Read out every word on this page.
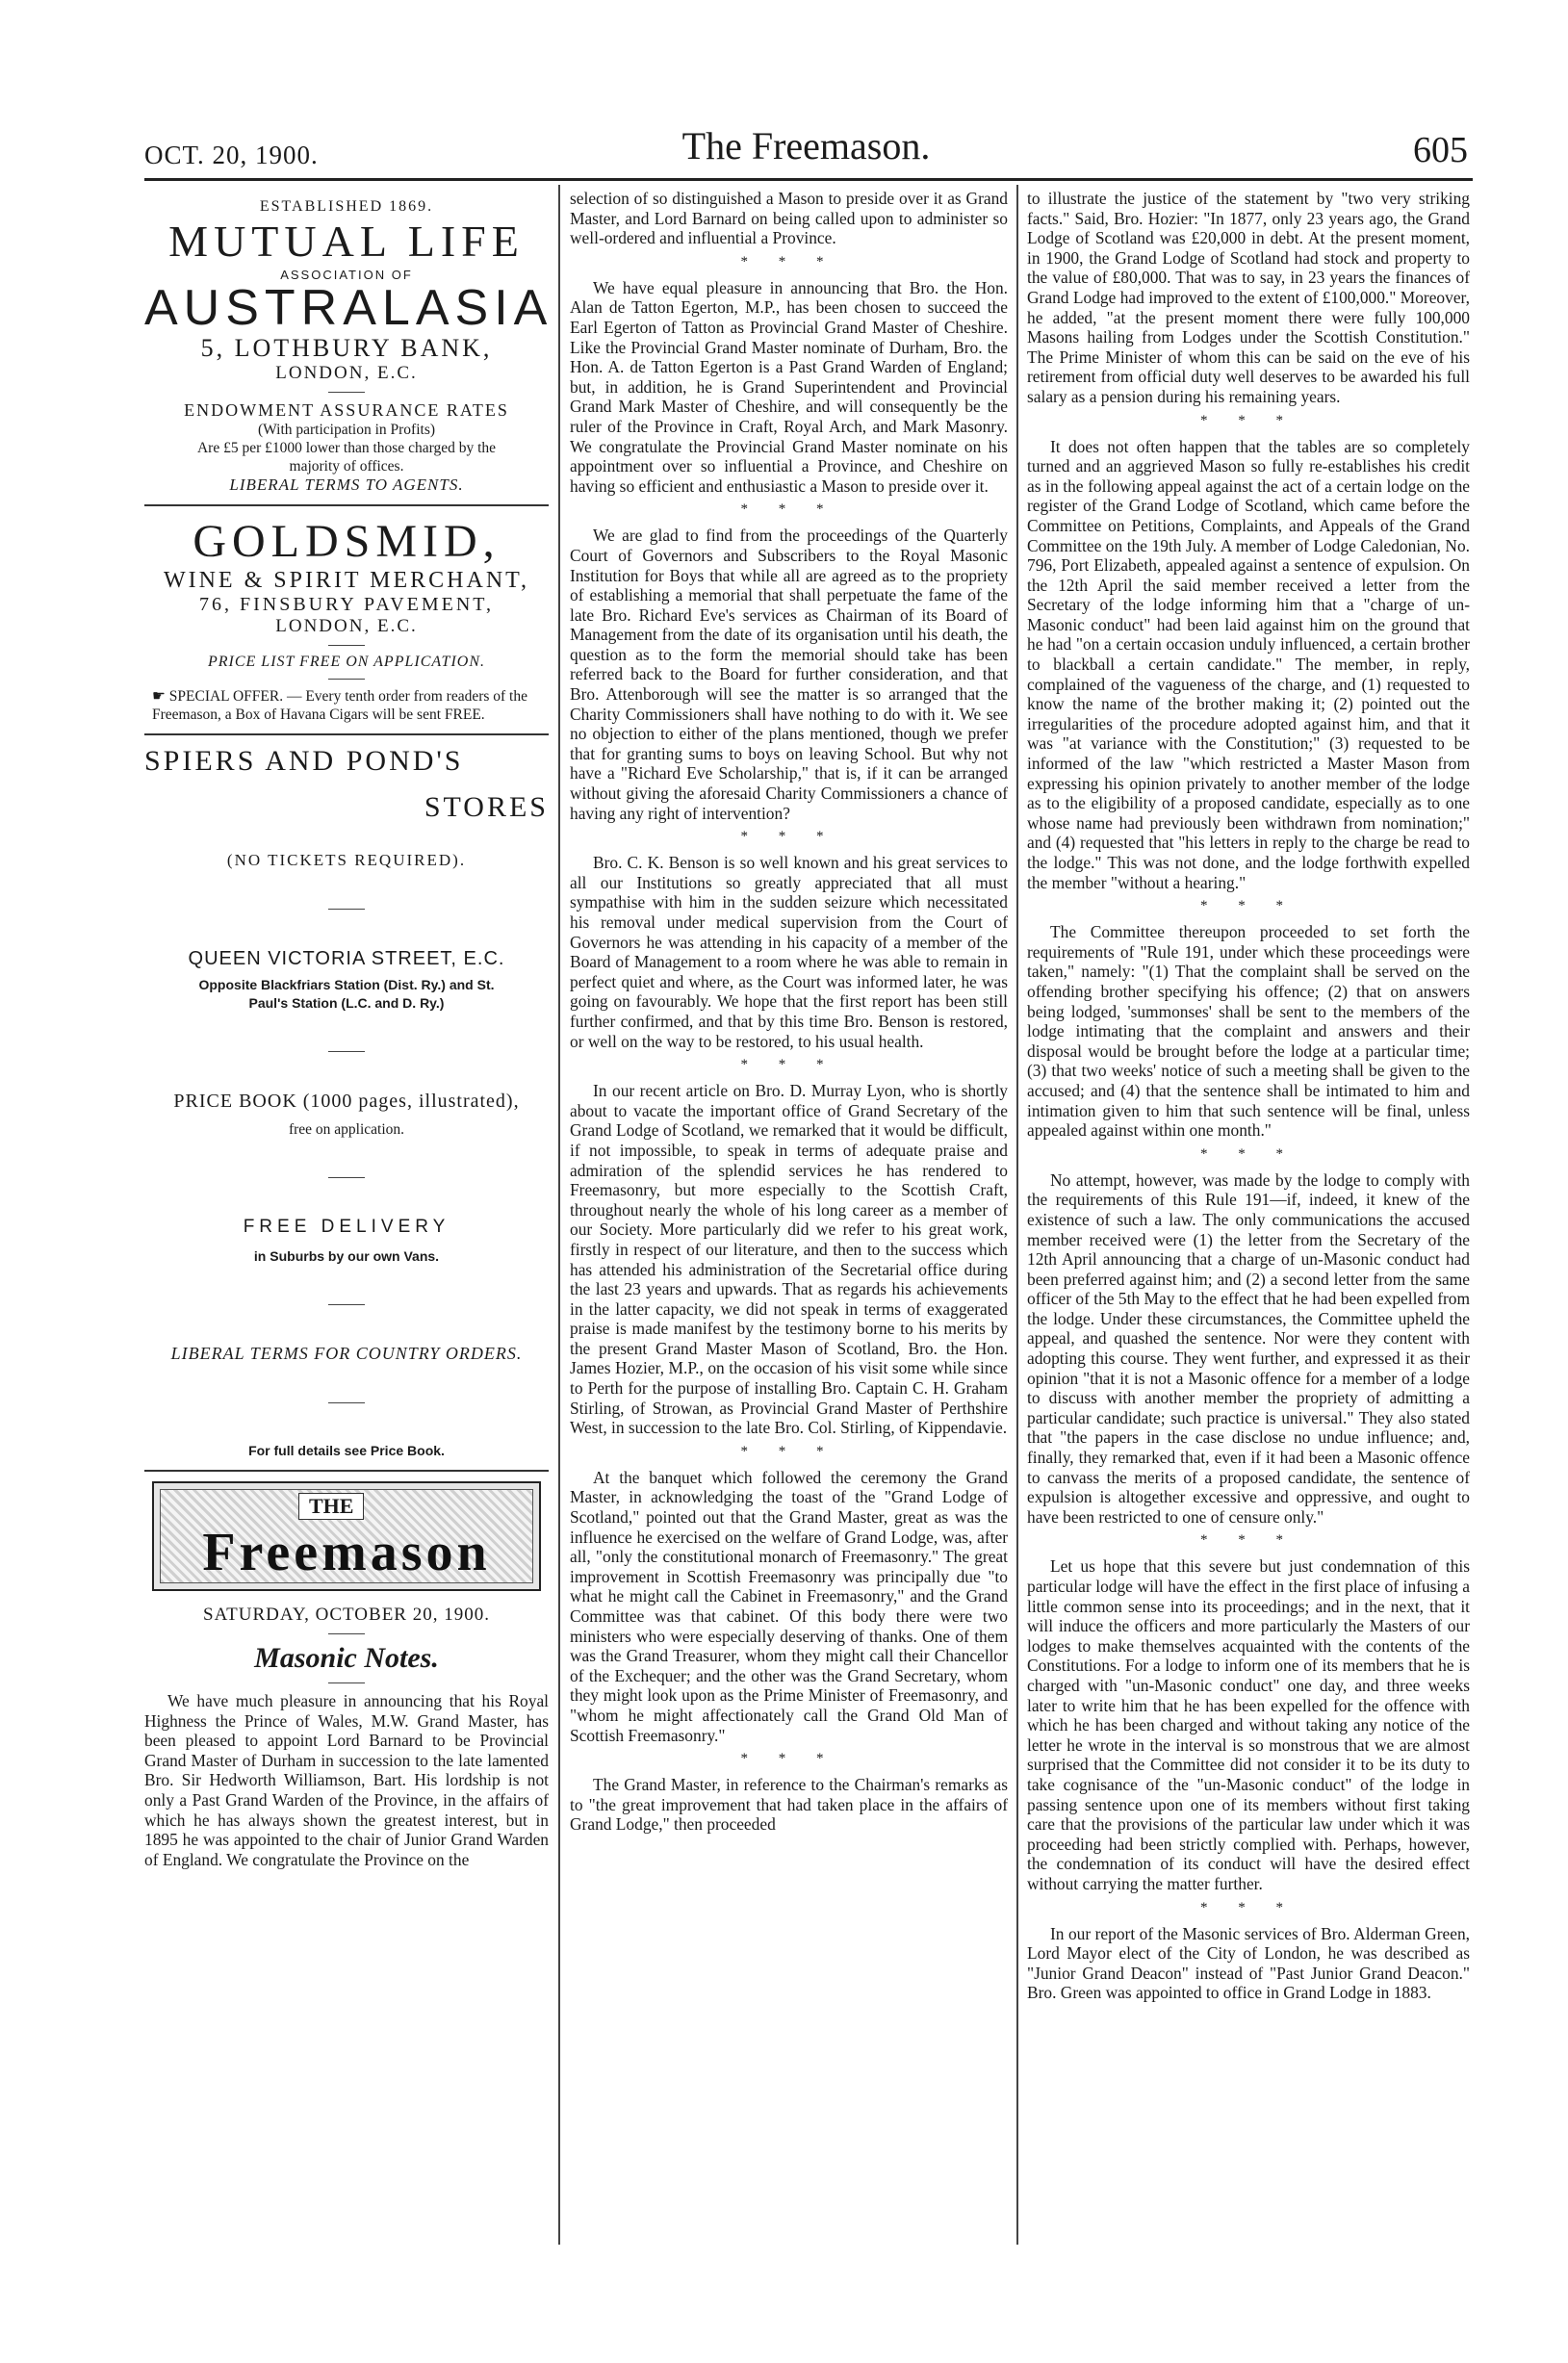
OCT. 20, 1900.	The Freemason.	605
ESTABLISHED 1869.
MUTUAL LIFE
ASSOCIATION OF
AUSTRALASIA
5, LOTHBURY BANK,
LONDON, E.C.
ENDOWMENT ASSURANCE RATES
(With participation in Profits)
Are £5 per £1000 lower than those charged by the majority of offices.
LIBERAL TERMS TO AGENTS.
GOLDSMID,
WINE & SPIRIT MERCHANT,
76, FINSBURY PAVEMENT,
LONDON, E.C.
PRICE LIST FREE ON APPLICATION.
☛ SPECIAL OFFER. — Every tenth order from readers of the Freemason, a Box of Havana Cigars will be sent FREE.
SPIERS AND POND'S
STORES
(NO TICKETS REQUIRED).
QUEEN VICTORIA STREET, E.C.
Opposite Blackfriars Station (Dist. Ry.) and St. Paul's Station (L.C. and D. Ry.)
PRICE BOOK (1000 pages, illustrated),
free on application.
FREE DELIVERY
in Suburbs by our own Vans.
LIBERAL TERMS FOR COUNTRY ORDERS.
For full details see Price Book.
THE
Freemason
SATURDAY, OCTOBER 20, 1900.
Masonic Notes.

We have much pleasure in announcing that his Royal Highness the Prince of Wales, M.W. Grand Master, has been pleased to appoint Lord Barnard to be Provincial Grand Master of Durham in succession to the late lamented Bro. Sir Hedworth Williamson, Bart. His lordship is not only a Past Grand Warden of the Province, in the affairs of which he has always shown the greatest interest, but in 1895 he was appointed to the chair of Junior Grand Warden of England. We congratulate the Province on the

selection of so distinguished a Mason to preside over it as Grand Master, and Lord Barnard on being called upon to administer so well-ordered and influential a Province.

* * *

We have equal pleasure in announcing that Bro. the Hon. Alan de Tatton Egerton, M.P., has been chosen to succeed the Earl Egerton of Tatton as Provincial Grand Master of Cheshire. Like the Provincial Grand Master nominate of Durham, Bro. the Hon. A. de Tatton Egerton is a Past Grand Warden of England; but, in addition, he is Grand Superintendent and Provincial Grand Mark Master of Cheshire, and will consequently be the ruler of the Province in Craft, Royal Arch, and Mark Masonry. We congratulate the Provincial Grand Master nominate on his appointment over so influential a Province, and Cheshire on having so efficient and enthusiastic a Mason to preside over it.

* * *

We are glad to find from the proceedings of the Quarterly Court of Governors and Subscribers to the Royal Masonic Institution for Boys that while all are agreed as to the propriety of establishing a memorial that shall perpetuate the fame of the late Bro. Richard Eve's services as Chairman of its Board of Management from the date of its organisation until his death, the question as to the form the memorial should take has been referred back to the Board for further consideration, and that Bro. Attenborough will see the matter is so arranged that the Charity Commissioners shall have nothing to do with it. We see no objection to either of the plans mentioned, though we prefer that for granting sums to boys on leaving School. But why not have a "Richard Eve Scholarship," that is, if it can be arranged without giving the aforesaid Charity Commissioners a chance of having any right of intervention?

* * *

Bro. C. K. Benson is so well known and his great services to all our Institutions so greatly appreciated that all must sympathise with him in the sudden seizure which necessitated his removal under medical supervision from the Court of Governors he was attending in his capacity of a member of the Board of Management to a room where he was able to remain in perfect quiet and where, as the Court was informed later, he was going on favourably. We hope that the first report has been still further confirmed, and that by this time Bro. Benson is restored, or well on the way to be restored, to his usual health.

* * *

In our recent article on Bro. D. Murray Lyon, who is shortly about to vacate the important office of Grand Secretary of the Grand Lodge of Scotland, we remarked that it would be difficult, if not impossible, to speak in terms of adequate praise and admiration of the splendid services he has rendered to Freemasonry, but more especially to the Scottish Craft, throughout nearly the whole of his long career as a member of our Society. More particularly did we refer to his great work, firstly in respect of our literature, and then to the success which has attended his administration of the Secretarial office during the last 23 years and upwards. That as regards his achievements in the latter capacity, we did not speak in terms of exaggerated praise is made manifest by the testimony borne to his merits by the present Grand Master Mason of Scotland, Bro. the Hon. James Hozier, M.P., on the occasion of his visit some while since to Perth for the purpose of installing Bro. Captain C. H. Graham Stirling, of Strowan, as Provincial Grand Master of Perthshire West, in succession to the late Bro. Col. Stirling, of Kippendavie.

* * *

At the banquet which followed the ceremony the Grand Master, in acknowledging the toast of the "Grand Lodge of Scotland," pointed out that the Grand Master, great as was the influence he exercised on the welfare of Grand Lodge, was, after all, "only the constitutional monarch of Freemasonry." The great improvement in Scottish Freemasonry was principally due "to what he might call the Cabinet in Freemasonry," and the Grand Committee was that cabinet. Of this body there were two ministers who were especially deserving of thanks. One of them was the Grand Treasurer, whom they might call their Chancellor of the Exchequer; and the other was the Grand Secretary, whom they might look upon as the Prime Minister of Freemasonry, and "whom he might affectionately call the Grand Old Man of Scottish Freemasonry."

* * *

The Grand Master, in reference to the Chairman's remarks as to "the great improvement that had taken place in the affairs of Grand Lodge," then proceeded

to illustrate the justice of the statement by "two very striking facts." Said, Bro. Hozier: "In 1877, only 23 years ago, the Grand Lodge of Scotland was £20,000 in debt. At the present moment, in 1900, the Grand Lodge of Scotland had stock and property to the value of £80,000. That was to say, in 23 years the finances of Grand Lodge had improved to the extent of £100,000." Moreover, he added, "at the present moment there were fully 100,000 Masons hailing from Lodges under the Scottish Constitution." The Prime Minister of whom this can be said on the eve of his retirement from official duty well deserves to be awarded his full salary as a pension during his remaining years.

* * *

It does not often happen that the tables are so completely turned and an aggrieved Mason so fully re-establishes his credit as in the following appeal against the act of a certain lodge on the register of the Grand Lodge of Scotland, which came before the Committee on Petitions, Complaints, and Appeals of the Grand Committee on the 19th July. A member of Lodge Caledonian, No. 796, Port Elizabeth, appealed against a sentence of expulsion. On the 12th April the said member received a letter from the Secretary of the lodge informing him that a "charge of un-Masonic conduct" had been laid against him on the ground that he had "on a certain occasion unduly influenced, a certain brother to blackball a certain candidate." The member, in reply, complained of the vagueness of the charge, and (1) requested to know the name of the brother making it; (2) pointed out the irregularities of the procedure adopted against him, and that it was "at variance with the Constitution;" (3) requested to be informed of the law "which restricted a Master Mason from expressing his opinion privately to another member of the lodge as to the eligibility of a proposed candidate, especially as to one whose name had previously been withdrawn from nomination;" and (4) requested that "his letters in reply to the charge be read to the lodge." This was not done, and the lodge forthwith expelled the member "without a hearing."

* * *

The Committee thereupon proceeded to set forth the requirements of "Rule 191, under which these proceedings were taken," namely: "(1) That the complaint shall be served on the offending brother specifying his offence; (2) that on answers being lodged, 'summonses' shall be sent to the members of the lodge intimating that the complaint and answers and their disposal would be brought before the lodge at a particular time; (3) that two weeks' notice of such a meeting shall be given to the accused; and (4) that the sentence shall be intimated to him and intimation given to him that such sentence will be final, unless appealed against within one month."

* * *

No attempt, however, was made by the lodge to comply with the requirements of this Rule 191—if, indeed, it knew of the existence of such a law. The only communications the accused member received were (1) the letter from the Secretary of the 12th April announcing that a charge of un-Masonic conduct had been preferred against him; and (2) a second letter from the same officer of the 5th May to the effect that he had been expelled from the lodge. Under these circumstances, the Committee upheld the appeal, and quashed the sentence. Nor were they content with adopting this course. They went further, and expressed it as their opinion "that it is not a Masonic offence for a member of a lodge to discuss with another member the propriety of admitting a particular candidate; such practice is universal." They also stated that "the papers in the case disclose no undue influence; and, finally, they remarked that, even if it had been a Masonic offence to canvass the merits of a proposed candidate, the sentence of expulsion is altogether excessive and oppressive, and ought to have been restricted to one of censure only."

* * *

Let us hope that this severe but just condemnation of this particular lodge will have the effect in the first place of infusing a little common sense into its proceedings; and in the next, that it will induce the officers and more particularly the Masters of our lodges to make themselves acquainted with the contents of the Constitutions. For a lodge to inform one of its members that he is charged with "un-Masonic conduct" one day, and three weeks later to write him that he has been expelled for the offence with which he has been charged and without taking any notice of the letter he wrote in the interval is so monstrous that we are almost surprised that the Committee did not consider it to be its duty to take cognisance of the "un-Masonic conduct" of the lodge in passing sentence upon one of its members without first taking care that the provisions of the particular law under which it was proceeding had been strictly complied with. Perhaps, however, the condemnation of its conduct will have the desired effect without carrying the matter further.

* * *

In our report of the Masonic services of Bro. Alderman Green, Lord Mayor elect of the City of London, he was described as "Junior Grand Deacon" instead of "Past Junior Grand Deacon." Bro. Green was appointed to office in Grand Lodge in 1883.
